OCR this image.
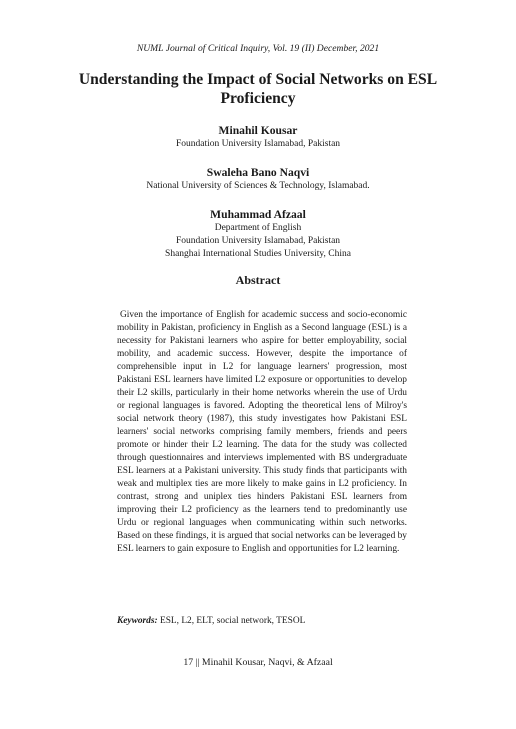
NUML Journal of Critical Inquiry, Vol. 19 (II) December, 2021
Understanding the Impact of Social Networks on ESL Proficiency
Minahil Kousar
Foundation University Islamabad, Pakistan
Swaleha Bano Naqvi
National University of Sciences & Technology, Islamabad.
Muhammad Afzaal
Department of English
Foundation University Islamabad, Pakistan
Shanghai International Studies University, China
Abstract

Given the importance of English for academic success and socio-economic mobility in Pakistan, proficiency in English as a Second language (ESL) is a necessity for Pakistani learners who aspire for better employability, social mobility, and academic success. However, despite the importance of comprehensible input in L2 for language learners' progression, most Pakistani ESL learners have limited L2 exposure or opportunities to develop their L2 skills, particularly in their home networks wherein the use of Urdu or regional languages is favored. Adopting the theoretical lens of Milroy's social network theory (1987), this study investigates how Pakistani ESL learners' social networks comprising family members, friends and peers promote or hinder their L2 learning. The data for the study was collected through questionnaires and interviews implemented with BS undergraduate ESL learners at a Pakistani university. This study finds that participants with weak and multiplex ties are more likely to make gains in L2 proficiency. In contrast, strong and uniplex ties hinders Pakistani ESL learners from improving their L2 proficiency as the learners tend to predominantly use Urdu or regional languages when communicating within such networks. Based on these findings, it is argued that social networks can be leveraged by ESL learners to gain exposure to English and opportunities for L2 learning.

Keywords: ESL, L2, ELT, social network, TESOL
17 || Minahil Kousar, Naqvi, & Afzaal
